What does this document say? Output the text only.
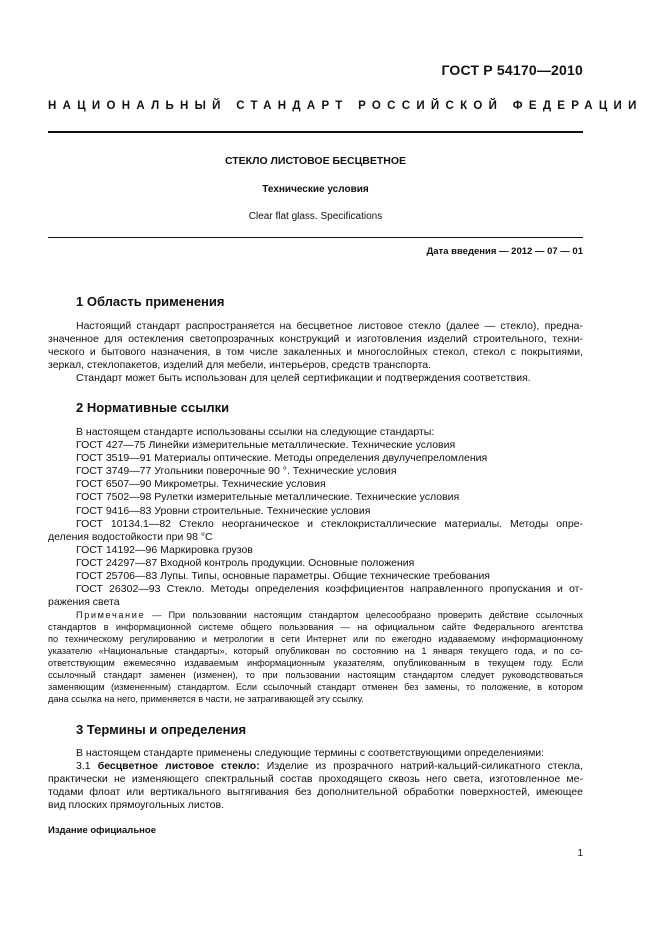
ГОСТ Р 54170—2010
НАЦИОНАЛЬНЫЙ СТАНДАРТ РОССИЙСКОЙ ФЕДЕРАЦИИ
СТЕКЛО ЛИСТОВОЕ БЕСЦВЕТНОЕ
Технические условия
Clear flat glass. Specifications
Дата введения — 2012 — 07 — 01
1 Область применения
Настоящий стандарт распространяется на бесцветное листовое стекло (далее — стекло), предна-
значенное для остекления светопрозрачных конструкций и изготовления изделий строительного, техни-
ческого и бытового назначения, в том числе закаленных и многослойных стекол, стекол с покрытиями,
зеркал, стеклопакетов, изделий для мебели, интерьеров, средств транспорта.
Стандарт может быть использован для целей сертификации и подтверждения соответствия.
2 Нормативные ссылки
В настоящем стандарте использованы ссылки на следующие стандарты:
ГОСТ 427—75 Линейки измерительные металлические. Технические условия
ГОСТ 3519—91 Материалы оптические. Методы определения двулучепреломления
ГОСТ 3749—77 Угольники поверочные 90 °. Технические условия
ГОСТ 6507—90 Микрометры. Технические условия
ГОСТ 7502—98 Рулетки измерительные металлические. Технические условия
ГОСТ 9416—83 Уровни строительные. Технические условия
ГОСТ 10134.1—82 Стекло неорганическое и стеклокристаллические материалы. Методы опре-
деления водостойкости при 98 °С
ГОСТ 14192—96 Маркировка грузов
ГОСТ 24297—87 Входной контроль продукции. Основные положения
ГОСТ 25706—83 Лупы. Типы, основные параметры. Общие технические требования
ГОСТ 26302—93 Стекло. Методы определения коэффициентов направленного пропускания и от-
ражения света
Примечание — При пользовании настоящим стандартом целесообразно проверить действие ссылочных
стандартов в информационной системе общего пользования — на официальном сайте Федерального агентства
по техническому регулированию и метрологии в сети Интернет или по ежегодно издаваемому информационному
указателю «Национальные стандарты», который опубликован по состоянию на 1 января текущего года, и по со-
ответствующим ежемесячно издаваемым информационным указателям, опубликованным в текущем году. Если
ссылочный стандарт заменен (изменен), то при пользовании настоящим стандартом следует руководствоваться
заменяющим (измененным) стандартом. Если ссылочный стандарт отменен без замены, то положение, в котором
дана ссылка на него, применяется в части, не затрагивающей эту ссылку.
3 Термины и определения
В настоящем стандарте применены следующие термины с соответствующими определениями:
3.1 бесцветное листовое стекло: Изделие из прозрачного натрий-кальций-силикатного стекла,
практически не изменяющего спектральный состав проходящего сквозь него света, изготовленное ме-
тодами флоат или вертикального вытягивания без дополнительной обработки поверхностей, имеющее
вид плоских прямоугольных листов.
Издание официальное
1
